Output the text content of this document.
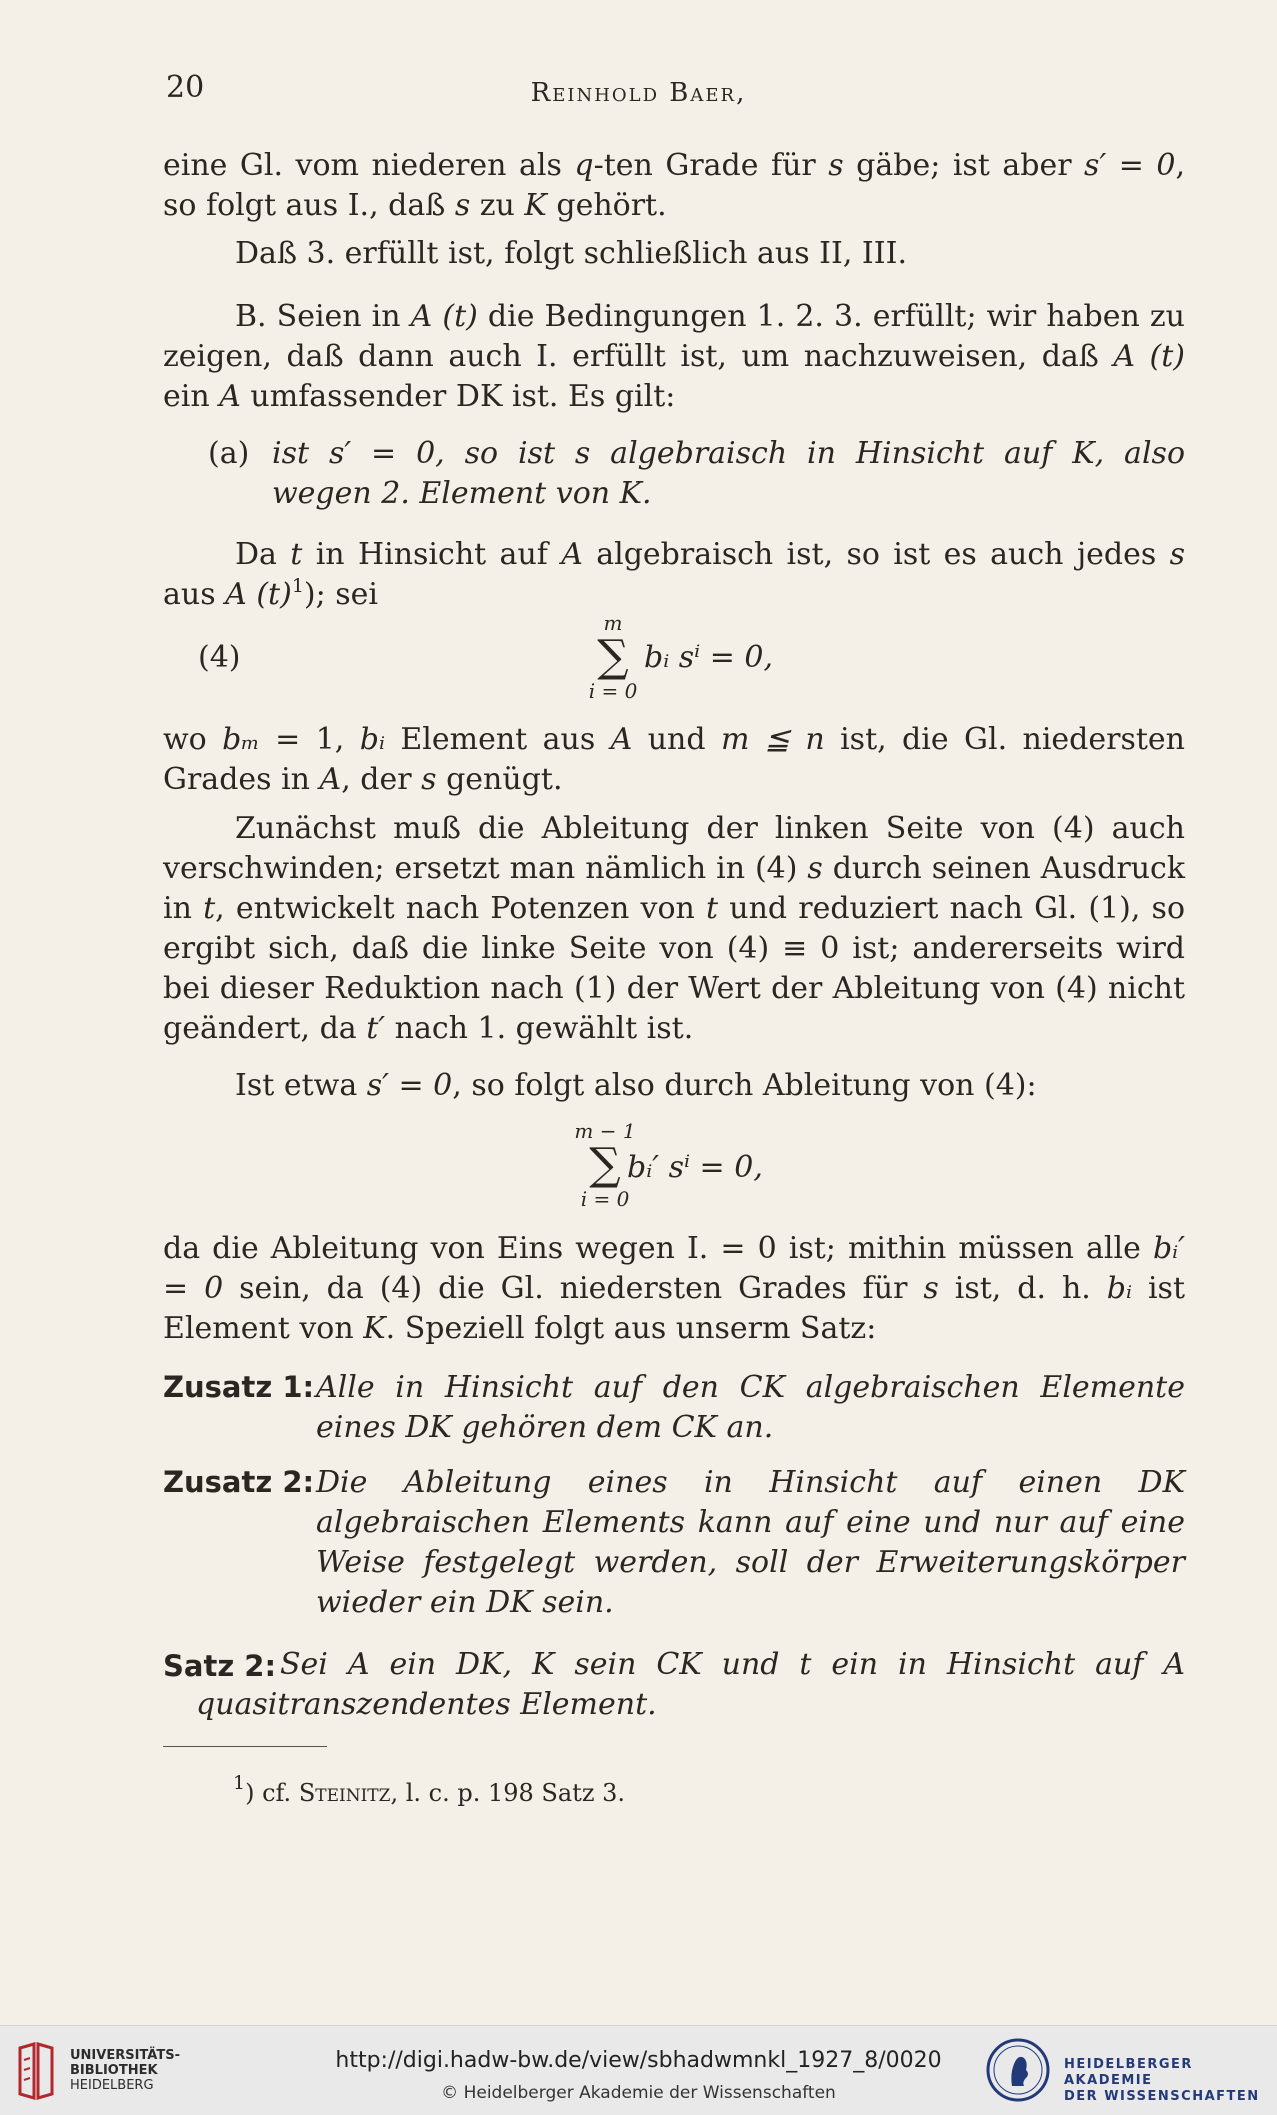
20	Reinhold Baer,
eine Gl. vom niederen als q-ten Grade für s gäbe; ist aber s′ = 0, so folgt aus I., daß s zu K gehört.
Daß 3. erfüllt ist, folgt schließlich aus II, III.
B. Seien in A (t) die Bedingungen 1. 2. 3. erfüllt; wir haben zu zeigen, daß dann auch I. erfüllt ist, um nachzuweisen, daß A (t) ein A umfassender DK ist. Es gilt:
(a) ist s′ = 0, so ist s algebraisch in Hinsicht auf K, also
wegen 2. Element von K.
Da t in Hinsicht auf A algebraisch ist, so ist es auch jedes s aus A $(t)^1$); sei
(4)
m
∑
i = 0
bᵢ sⁱ = 0,
wo bₘ = 1, bᵢ Element aus A und m ≦ n ist, die Gl. niedersten Grades in A, der s genügt.
Zunächst muß die Ableitung der linken Seite von (4) auch verschwinden; ersetzt man nämlich in (4) s durch seinen Ausdruck in t, entwickelt nach Potenzen von t und reduziert nach Gl. (1), so ergibt sich, daß die linke Seite von (4) ≡ 0 ist; andererseits wird bei dieser Reduktion nach (1) der Wert der Ableitung von (4) nicht geändert, da t′ nach 1. gewählt ist.
Ist etwa s′ = 0, so folgt also durch Ableitung von (4):
m − 1
∑
i = 0
bᵢ′ sⁱ = 0,
da die Ableitung von Eins wegen I. = 0 ist; mithin müssen alle bᵢ′ = 0 sein, da (4) die Gl. niedersten Grades für s ist, d. h. bᵢ ist Element von K. Speziell folgt aus unserm Satz:
Zusatz 1: Alle in Hinsicht auf den CK algebraischen Elemente eines DK gehören dem CK an.
Zusatz 2: Die Ableitung eines in Hinsicht auf einen DK algebraischen Elements kann auf eine und nur auf eine Weise festgelegt werden, soll der Erweiterungskörper wieder ein DK sein.
Satz 2: Sei A ein DK, K sein CK und t ein in Hinsicht auf A
quasitranszendentes Element.
$^1$) cf. Steinitz, l. c. p. 198 Satz 3.
UNIVERSITÄTS-
BIBLIOTHEK
HEIDELBERG
http://digi.hadw-bw.de/view/sbhadwmnkl_1927_8/0020
© Heidelberger Akademie der Wissenschaften
HEIDELBERGER AKADEMIE
DER WISSENSCHAFTEN
